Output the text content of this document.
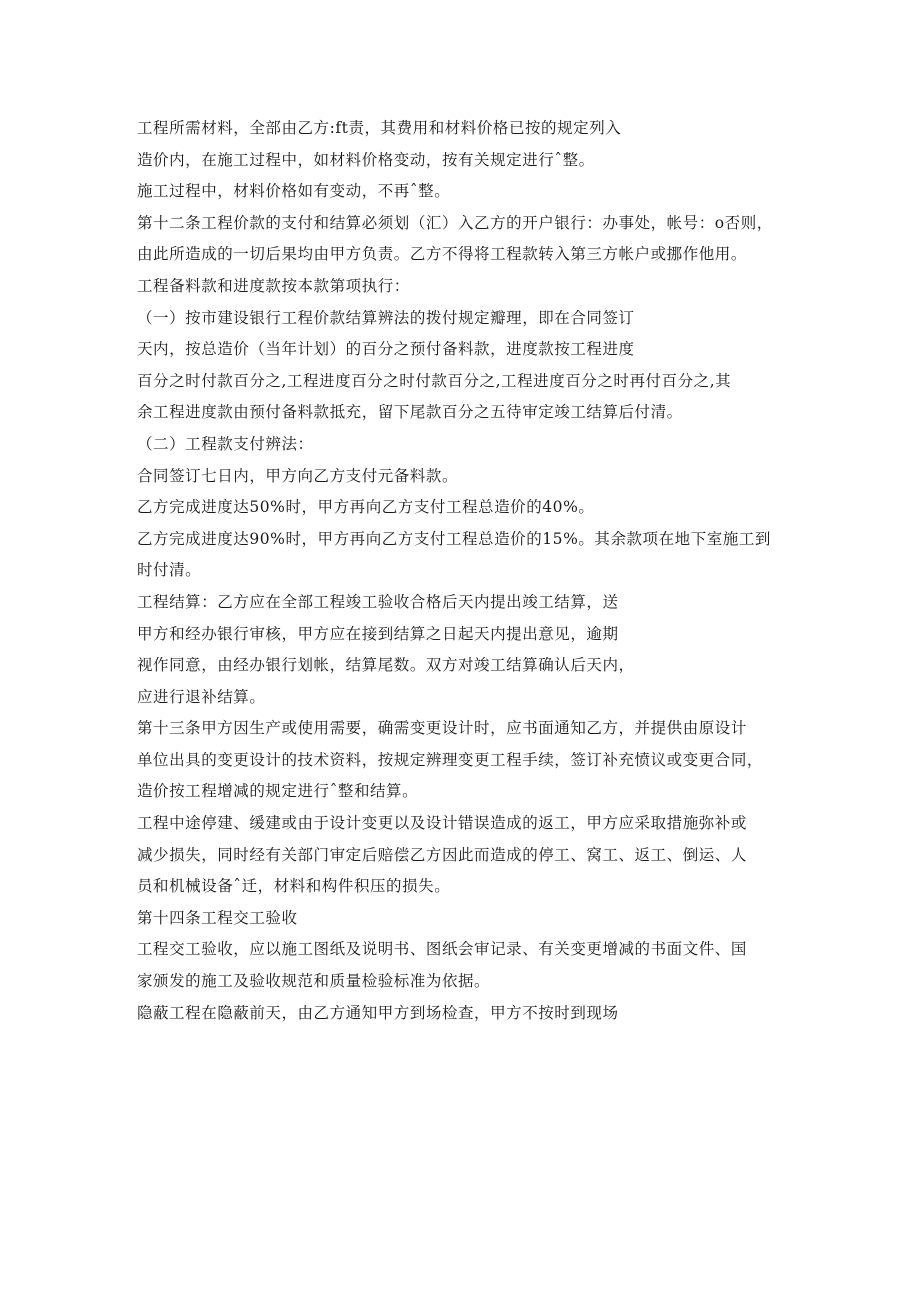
工程所需材料，全部由乙方:ft责，其费用和材料价格已按的规定列入
造价内，在施工过程中，如材料价格变动，按有关规定进行ˆ整。
施工过程中，材料价格如有变动，不再ˆ整。
第十二条工程价款的支付和结算必须划（汇）入乙方的开户银行：办事处，帐号：o否则，
由此所造成的一切后果均由甲方负责。乙方不得将工程款转入第三方帐户或挪作他用。
工程备料款和进度款按本款第项执行：
（一）按市建设银行工程价款结算辨法的拨付规定瓣理，即在合同签订
天内，按总造价（当年计划）的百分之预付备料款，进度款按工程进度
百分之时付款百分之,工程进度百分之时付款百分之,工程进度百分之时再付百分之,其
余工程进度款由预付备料款抵充，留下尾款百分之五待审定竣工结算后付清。
（二）工程款支付辨法：
合同签订七日内，甲方向乙方支付元备料款。
乙方完成进度达50%时，甲方再向乙方支付工程总造价的40%。
乙方完成进度达90%时，甲方再向乙方支付工程总造价的15%。其余款项在地下室施工到
时付清。
工程结算：乙方应在全部工程竣工验收合格后天内提出竣工结算，送
甲方和经办银行审核，甲方应在接到结算之日起天内提出意见，逾期
视作同意，由经办银行划帐，结算尾数。双方对竣工结算确认后天内，
应进行退补结算。
第十三条甲方因生产或使用需要，确需变更设计时，应书面通知乙方，并提供由原设计
单位出具的变更设计的技术资料，按规定辨理变更工程手续，签订补充愤议或变更合同，
造价按工程增减的规定进行ˆ整和结算。
工程中途停建、缓建或由于设计变更以及设计错误造成的返工，甲方应采取措施弥补或
减少损失，同时经有关部门审定后赔偿乙方因此而造成的停工、窝工、返工、倒运、人
员和机械设备ˆ迁，材料和构件积压的损失。
第十四条工程交工验收
工程交工验收，应以施工图纸及说明书、图纸会审记录、有关变更增减的书面文件、国
家颁发的施工及验收规范和质量检验标准为依据。
隐蔽工程在隐蔽前天，由乙方通知甲方到场检查，甲方不按时到现场
